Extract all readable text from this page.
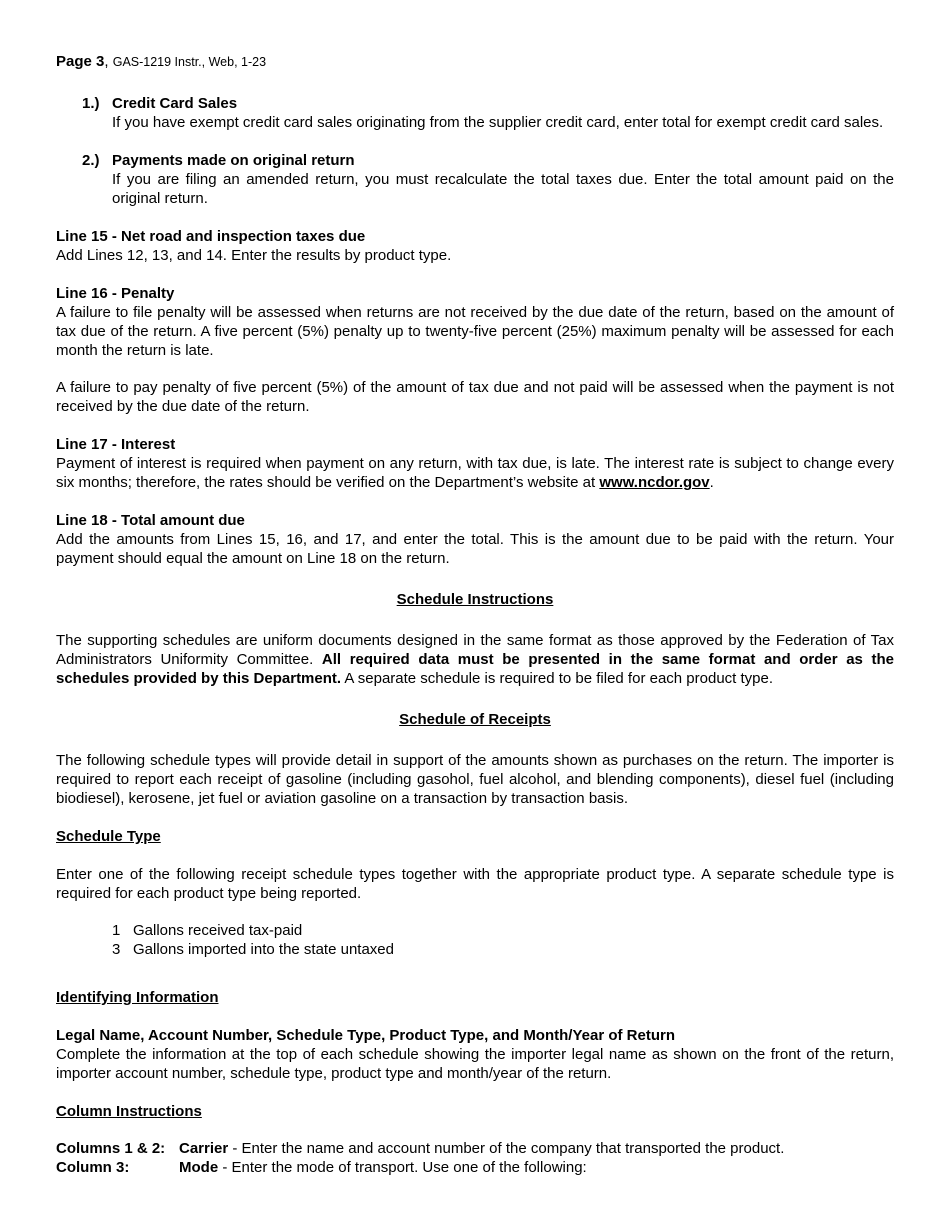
Page 3, GAS-1219 Instr., Web, 1-23
1.) Credit Card Sales
If you have exempt credit card sales originating from the supplier credit card, enter total for exempt credit card sales.
2.) Payments made on original return
If you are filing an amended return, you must recalculate the total taxes due. Enter the total amount paid on the original return.
Line 15 - Net road and inspection taxes due
Add Lines 12, 13, and 14. Enter the results by product type.
Line 16 - Penalty
A failure to file penalty will be assessed when returns are not received by the due date of the return, based on the amount of tax due of the return. A five percent (5%) penalty up to twenty-five percent (25%) maximum penalty will be assessed for each month the return is late.
A failure to pay penalty of five percent (5%) of the amount of tax due and not paid will be assessed when the payment is not received by the due date of the return.
Line 17 - Interest
Payment of interest is required when payment on any return, with tax due, is late. The interest rate is subject to change every six months; therefore, the rates should be verified on the Department’s website at www.ncdor.gov.
Line 18 - Total amount due
Add the amounts from Lines 15, 16, and 17, and enter the total. This is the amount due to be paid with the return. Your payment should equal the amount on Line 18 on the return.
Schedule Instructions
The supporting schedules are uniform documents designed in the same format as those approved by the Federation of Tax Administrators Uniformity Committee. All required data must be presented in the same format and order as the schedules provided by this Department. A separate schedule is required to be filed for each product type.
Schedule of Receipts
The following schedule types will provide detail in support of the amounts shown as purchases on the return. The importer is required to report each receipt of gasoline (including gasohol, fuel alcohol, and blending components), diesel fuel (including biodiesel), kerosene, jet fuel or aviation gasoline on a transaction by transaction basis.
Schedule Type
Enter one of the following receipt schedule types together with the appropriate product type. A separate schedule type is required for each product type being reported.
1 Gallons received tax-paid
3 Gallons imported into the state untaxed
Identifying Information
Legal Name, Account Number, Schedule Type, Product Type, and Month/Year of Return
Complete the information at the top of each schedule showing the importer legal name as shown on the front of the return, importer account number, schedule type, product type and month/year of the return.
Column Instructions
Columns 1 & 2: Carrier - Enter the name and account number of the company that transported the product.
Column 3:	Mode - Enter the mode of transport. Use one of the following:
